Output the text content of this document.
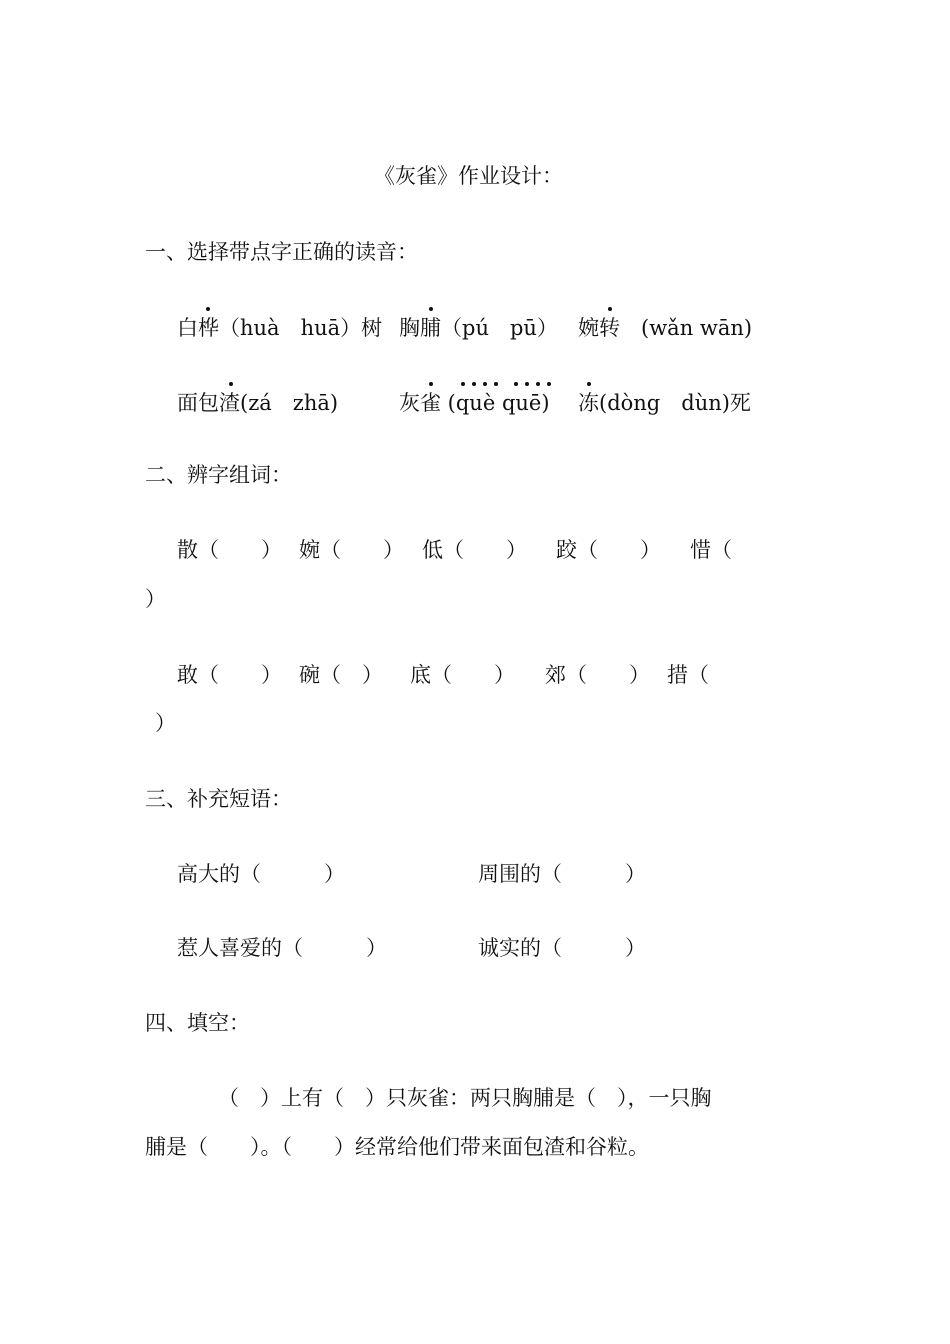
《灰雀》作业设计：
一、选择带点字正确的读音：
白桦（huà　huā）树 胸脯（pú　pū） 婉转　(wǎn wān)
面包渣(zá　zhā)	灰雀 (què quē) 冻(dòng　dùn)死
二、辨字组词：
散（　　） 婉（　　） 低（　　） 跤（　　） 惜（
）
敢（　　） 碗（　） 底（　　） 郊（　　） 措（
）
三、补充短语：
高大的（　　　）	周围的（　　　）
惹人喜爱的（　　　）	诚实的（　　　）
四、填空：
（　）上有（　）只灰雀：两只胸脯是（　），一只胸
脯是（　　）。（　　）经常给他们带来面包渣和谷粒。
